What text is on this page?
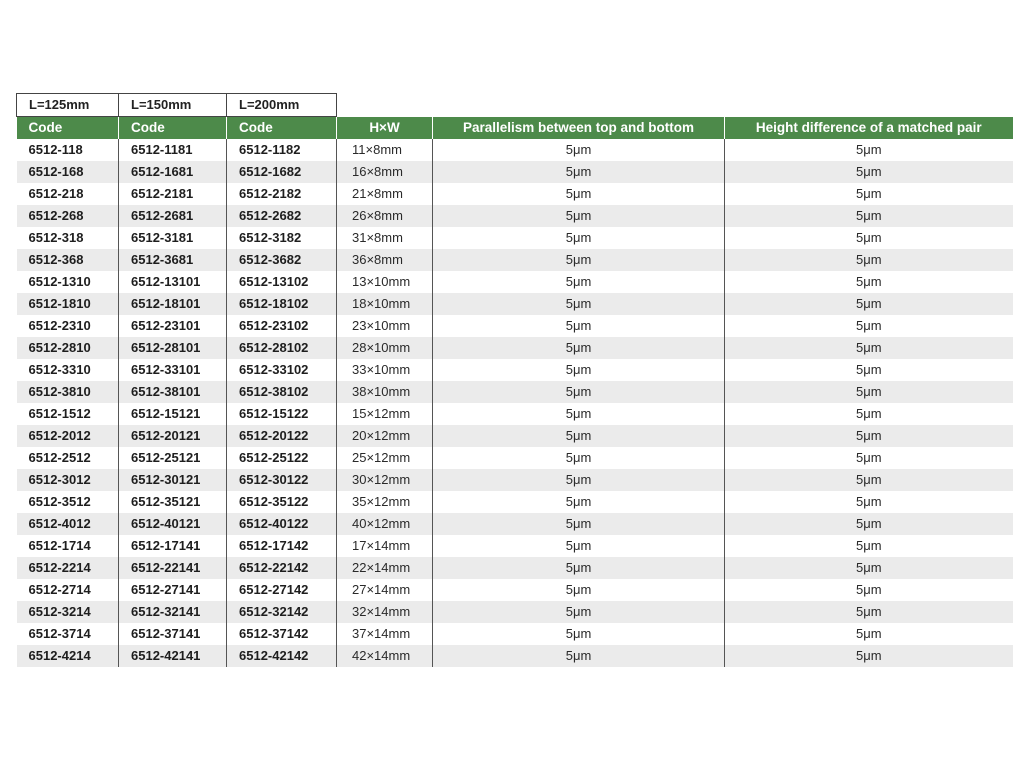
L=125mm	L=150mm	L=200mm			
Code	Code	Code	H×W	Parallelism between top and bottom	Height difference of a matched pair
6512-118	6512-1181	6512-1182	11×8mm	5μm	5μm
6512-168	6512-1681	6512-1682	16×8mm	5μm	5μm
6512-218	6512-2181	6512-2182	21×8mm	5μm	5μm
6512-268	6512-2681	6512-2682	26×8mm	5μm	5μm
6512-318	6512-3181	6512-3182	31×8mm	5μm	5μm
6512-368	6512-3681	6512-3682	36×8mm	5μm	5μm
6512-1310	6512-13101	6512-13102	13×10mm	5μm	5μm
6512-1810	6512-18101	6512-18102	18×10mm	5μm	5μm
6512-2310	6512-23101	6512-23102	23×10mm	5μm	5μm
6512-2810	6512-28101	6512-28102	28×10mm	5μm	5μm
6512-3310	6512-33101	6512-33102	33×10mm	5μm	5μm
6512-3810	6512-38101	6512-38102	38×10mm	5μm	5μm
6512-1512	6512-15121	6512-15122	15×12mm	5μm	5μm
6512-2012	6512-20121	6512-20122	20×12mm	5μm	5μm
6512-2512	6512-25121	6512-25122	25×12mm	5μm	5μm
6512-3012	6512-30121	6512-30122	30×12mm	5μm	5μm
6512-3512	6512-35121	6512-35122	35×12mm	5μm	5μm
6512-4012	6512-40121	6512-40122	40×12mm	5μm	5μm
6512-1714	6512-17141	6512-17142	17×14mm	5μm	5μm
6512-2214	6512-22141	6512-22142	22×14mm	5μm	5μm
6512-2714	6512-27141	6512-27142	27×14mm	5μm	5μm
6512-3214	6512-32141	6512-32142	32×14mm	5μm	5μm
6512-3714	6512-37141	6512-37142	37×14mm	5μm	5μm
6512-4214	6512-42141	6512-42142	42×14mm	5μm	5μm
